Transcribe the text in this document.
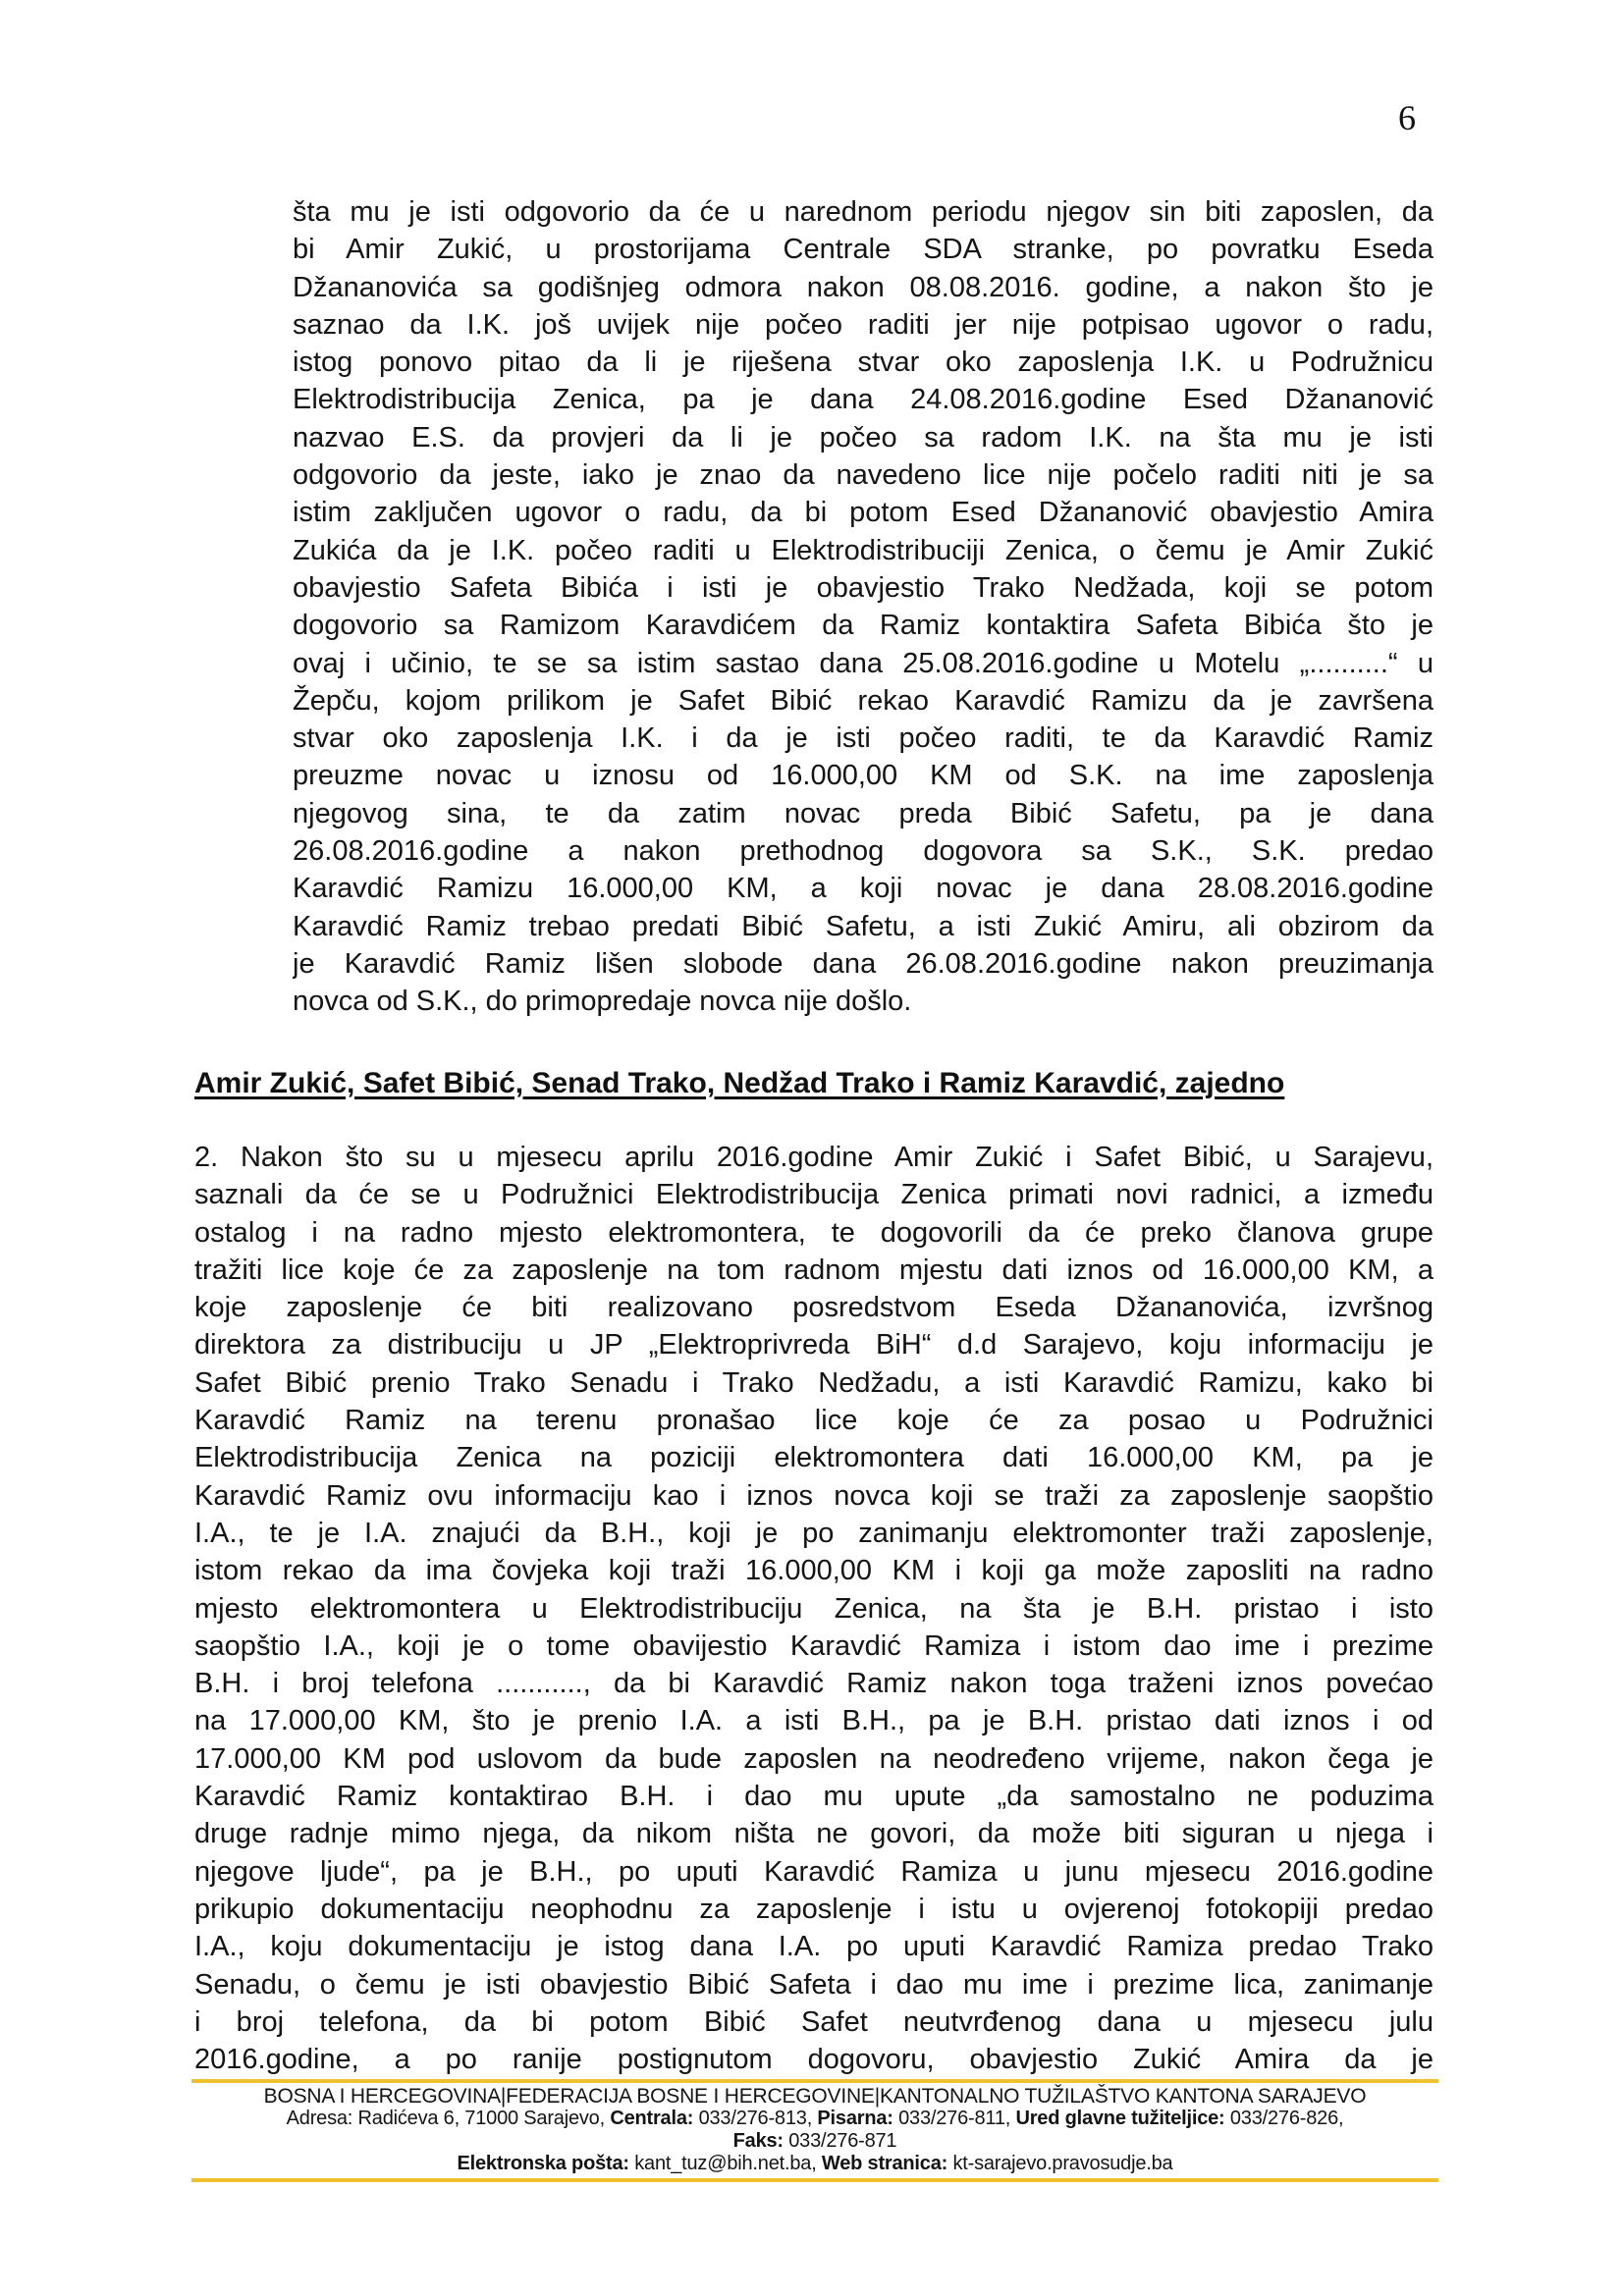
6
šta mu je isti odgovorio da će u narednom periodu njegov sin biti zaposlen, da
bi Amir Zukić, u prostorijama Centrale SDA stranke, po povratku Eseda
Džananovića sa godišnjeg odmora nakon 08.08.2016. godine, a nakon što je
saznao da I.K. još uvijek nije počeo raditi jer nije potpisao ugovor o radu,
istog ponovo pitao da li je riješena stvar oko zaposlenja I.K. u Podružnicu
Elektrodistribucija Zenica, pa je dana 24.08.2016.godine Esed Džananović
nazvao E.S. da provjeri da li je počeo sa radom I.K. na šta mu je isti
odgovorio da jeste, iako je znao da navedeno lice nije počelo raditi niti je sa
istim zaključen ugovor o radu, da bi potom Esed Džananović obavjestio Amira
Zukića da je I.K. počeo raditi u Elektrodistribuciji Zenica, o čemu je Amir Zukić
obavjestio Safeta Bibića i isti je obavjestio Trako Nedžada, koji se potom
dogovorio sa Ramizom Karavdićem da Ramiz kontaktira Safeta Bibića što je
ovaj i učinio, te se sa istim sastao dana 25.08.2016.godine u Motelu „..........“ u
Žepču, kojom prilikom je Safet Bibić rekao Karavdić Ramizu da je završena
stvar oko zaposlenja I.K. i da je isti počeo raditi, te da Karavdić Ramiz
preuzme novac u iznosu od 16.000,00 KM od S.K. na ime zaposlenja
njegovog sina, te da zatim novac preda Bibić Safetu, pa je dana
26.08.2016.godine a nakon prethodnog dogovora sa S.K., S.K. predao
Karavdić Ramizu 16.000,00 KM, a koji novac je dana 28.08.2016.godine
Karavdić Ramiz trebao predati Bibić Safetu, a isti Zukić Amiru, ali obzirom da
je Karavdić Ramiz lišen slobode dana 26.08.2016.godine nakon preuzimanja
novca od S.K., do primopredaje novca nije došlo.
Amir Zukić, Safet Bibić, Senad Trako, Nedžad Trako i Ramiz Karavdić, zajedno
2. Nakon što su u mjesecu aprilu 2016.godine Amir Zukić i Safet Bibić, u Sarajevu,
saznali da će se u Podružnici Elektrodistribucija Zenica primati novi radnici, a između
ostalog i na radno mjesto elektromontera, te dogovorili da će preko članova grupe
tražiti lice koje će za zaposlenje na tom radnom mjestu dati iznos od 16.000,00 KM, a
koje zaposlenje će biti realizovano posredstvom Eseda Džananovića, izvršnog
direktora za distribuciju u JP „Elektroprivreda BiH“ d.d Sarajevo, koju informaciju je
Safet Bibić prenio Trako Senadu i Trako Nedžadu, a isti Karavdić Ramizu, kako bi
Karavdić Ramiz na terenu pronašao lice koje će za posao u Podružnici
Elektrodistribucija Zenica na poziciji elektromontera dati 16.000,00 KM, pa je
Karavdić Ramiz ovu informaciju kao i iznos novca koji se traži za zaposlenje saopštio
I.A., te je I.A. znajući da B.H., koji je po zanimanju elektromonter traži zaposlenje,
istom rekao da ima čovjeka koji traži 16.000,00 KM i koji ga može zaposliti na radno
mjesto elektromontera u Elektrodistribuciju Zenica, na šta je B.H. pristao i isto
saopštio I.A., koji je o tome obavijestio Karavdić Ramiza i istom dao ime i prezime
B.H. i broj telefona ..........., da bi Karavdić Ramiz nakon toga traženi iznos povećao
na 17.000,00 KM, što je prenio I.A. a isti B.H., pa je B.H. pristao dati iznos i od
17.000,00 KM pod uslovom da bude zaposlen na neodređeno vrijeme, nakon čega je
Karavdić Ramiz kontaktirao B.H. i dao mu upute „da samostalno ne poduzima
druge radnje mimo njega, da nikom ništa ne govori, da može biti siguran u njega i
njegove ljude“, pa je B.H., po uputi Karavdić Ramiza u junu mjesecu 2016.godine
prikupio dokumentaciju neophodnu za zaposlenje i istu u ovjerenoj fotokopiji predao
I.A., koju dokumentaciju je istog dana I.A. po uputi Karavdić Ramiza predao Trako
Senadu, o čemu je isti obavjestio Bibić Safeta i dao mu ime i prezime lica, zanimanje
i broj telefona, da bi potom Bibić Safet neutvrđenog dana u mjesecu julu
2016.godine, a po ranije postignutom dogovoru, obavjestio Zukić Amira da je
BOSNA I HERCEGOVINA|FEDERACIJA BOSNE I HERCEGOVINE|KANTONALNO TUŽILAŠTVO KANTONA SARAJEVO
Adresa: Radićeva 6, 71000 Sarajevo, Centrala: 033/276-813, Pisarna: 033/276-811, Ured glavne tužiteljice: 033/276-826,
Faks: 033/276-871
Elektronska pošta: kant_tuz@bih.net.ba, Web stranica: kt-sarajevo.pravosudje.ba
